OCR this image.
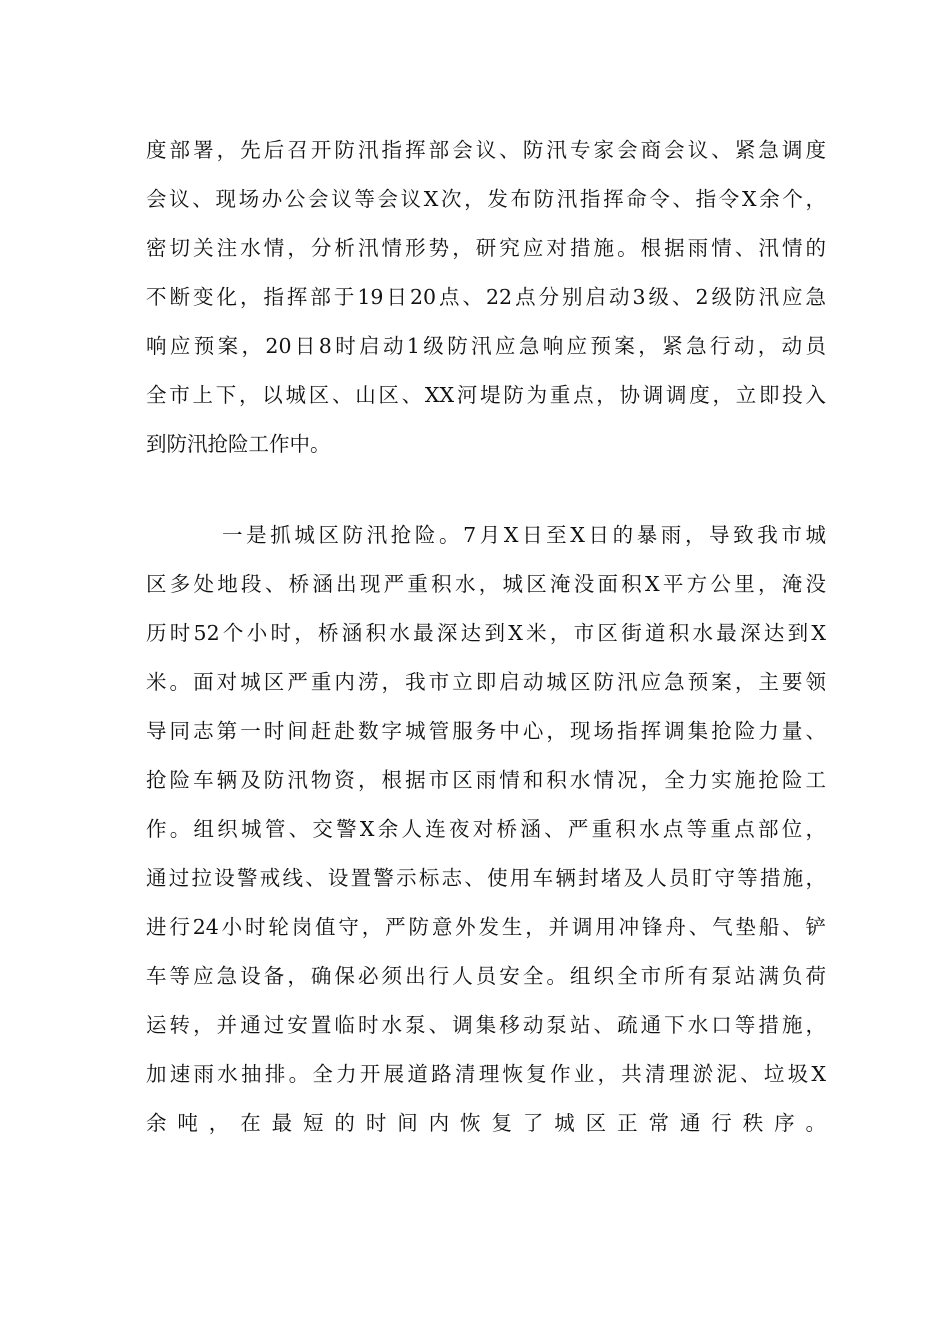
度部署，先后召开防汛指挥部会议、防汛专家会商会议、紧急调度
会议、现场办公会议等会议X次，发布防汛指挥命令、指令X余个，
密切关注水情，分析汛情形势，研究应对措施。根据雨情、汛情的
不断变化，指挥部于19日20点、22点分别启动3级、2级防汛应急
响应预案，20日8时启动1级防汛应急响应预案，紧急行动，动员
全市上下，以城区、山区、XX河堤防为重点，协调调度，立即投入
到防汛抢险工作中。
一是抓城区防汛抢险。7月X日至X日的暴雨，导致我市城
区多处地段、桥涵出现严重积水，城区淹没面积X平方公里，淹没
历时52个小时，桥涵积水最深达到X米，市区街道积水最深达到X
米。面对城区严重内涝，我市立即启动城区防汛应急预案，主要领
导同志第一时间赶赴数字城管服务中心，现场指挥调集抢险力量、
抢险车辆及防汛物资，根据市区雨情和积水情况，全力实施抢险工
作。组织城管、交警X余人连夜对桥涵、严重积水点等重点部位，
通过拉设警戒线、设置警示标志、使用车辆封堵及人员盯守等措施，
进行24小时轮岗值守，严防意外发生，并调用冲锋舟、气垫船、铲
车等应急设备，确保必须出行人员安全。组织全市所有泵站满负荷
运转，并通过安置临时水泵、调集移动泵站、疏通下水口等措施，
加速雨水抽排。全力开展道路清理恢复作业，共清理淤泥、垃圾X
余吨，在最短的时间内恢复了城区正常通行秩序。
